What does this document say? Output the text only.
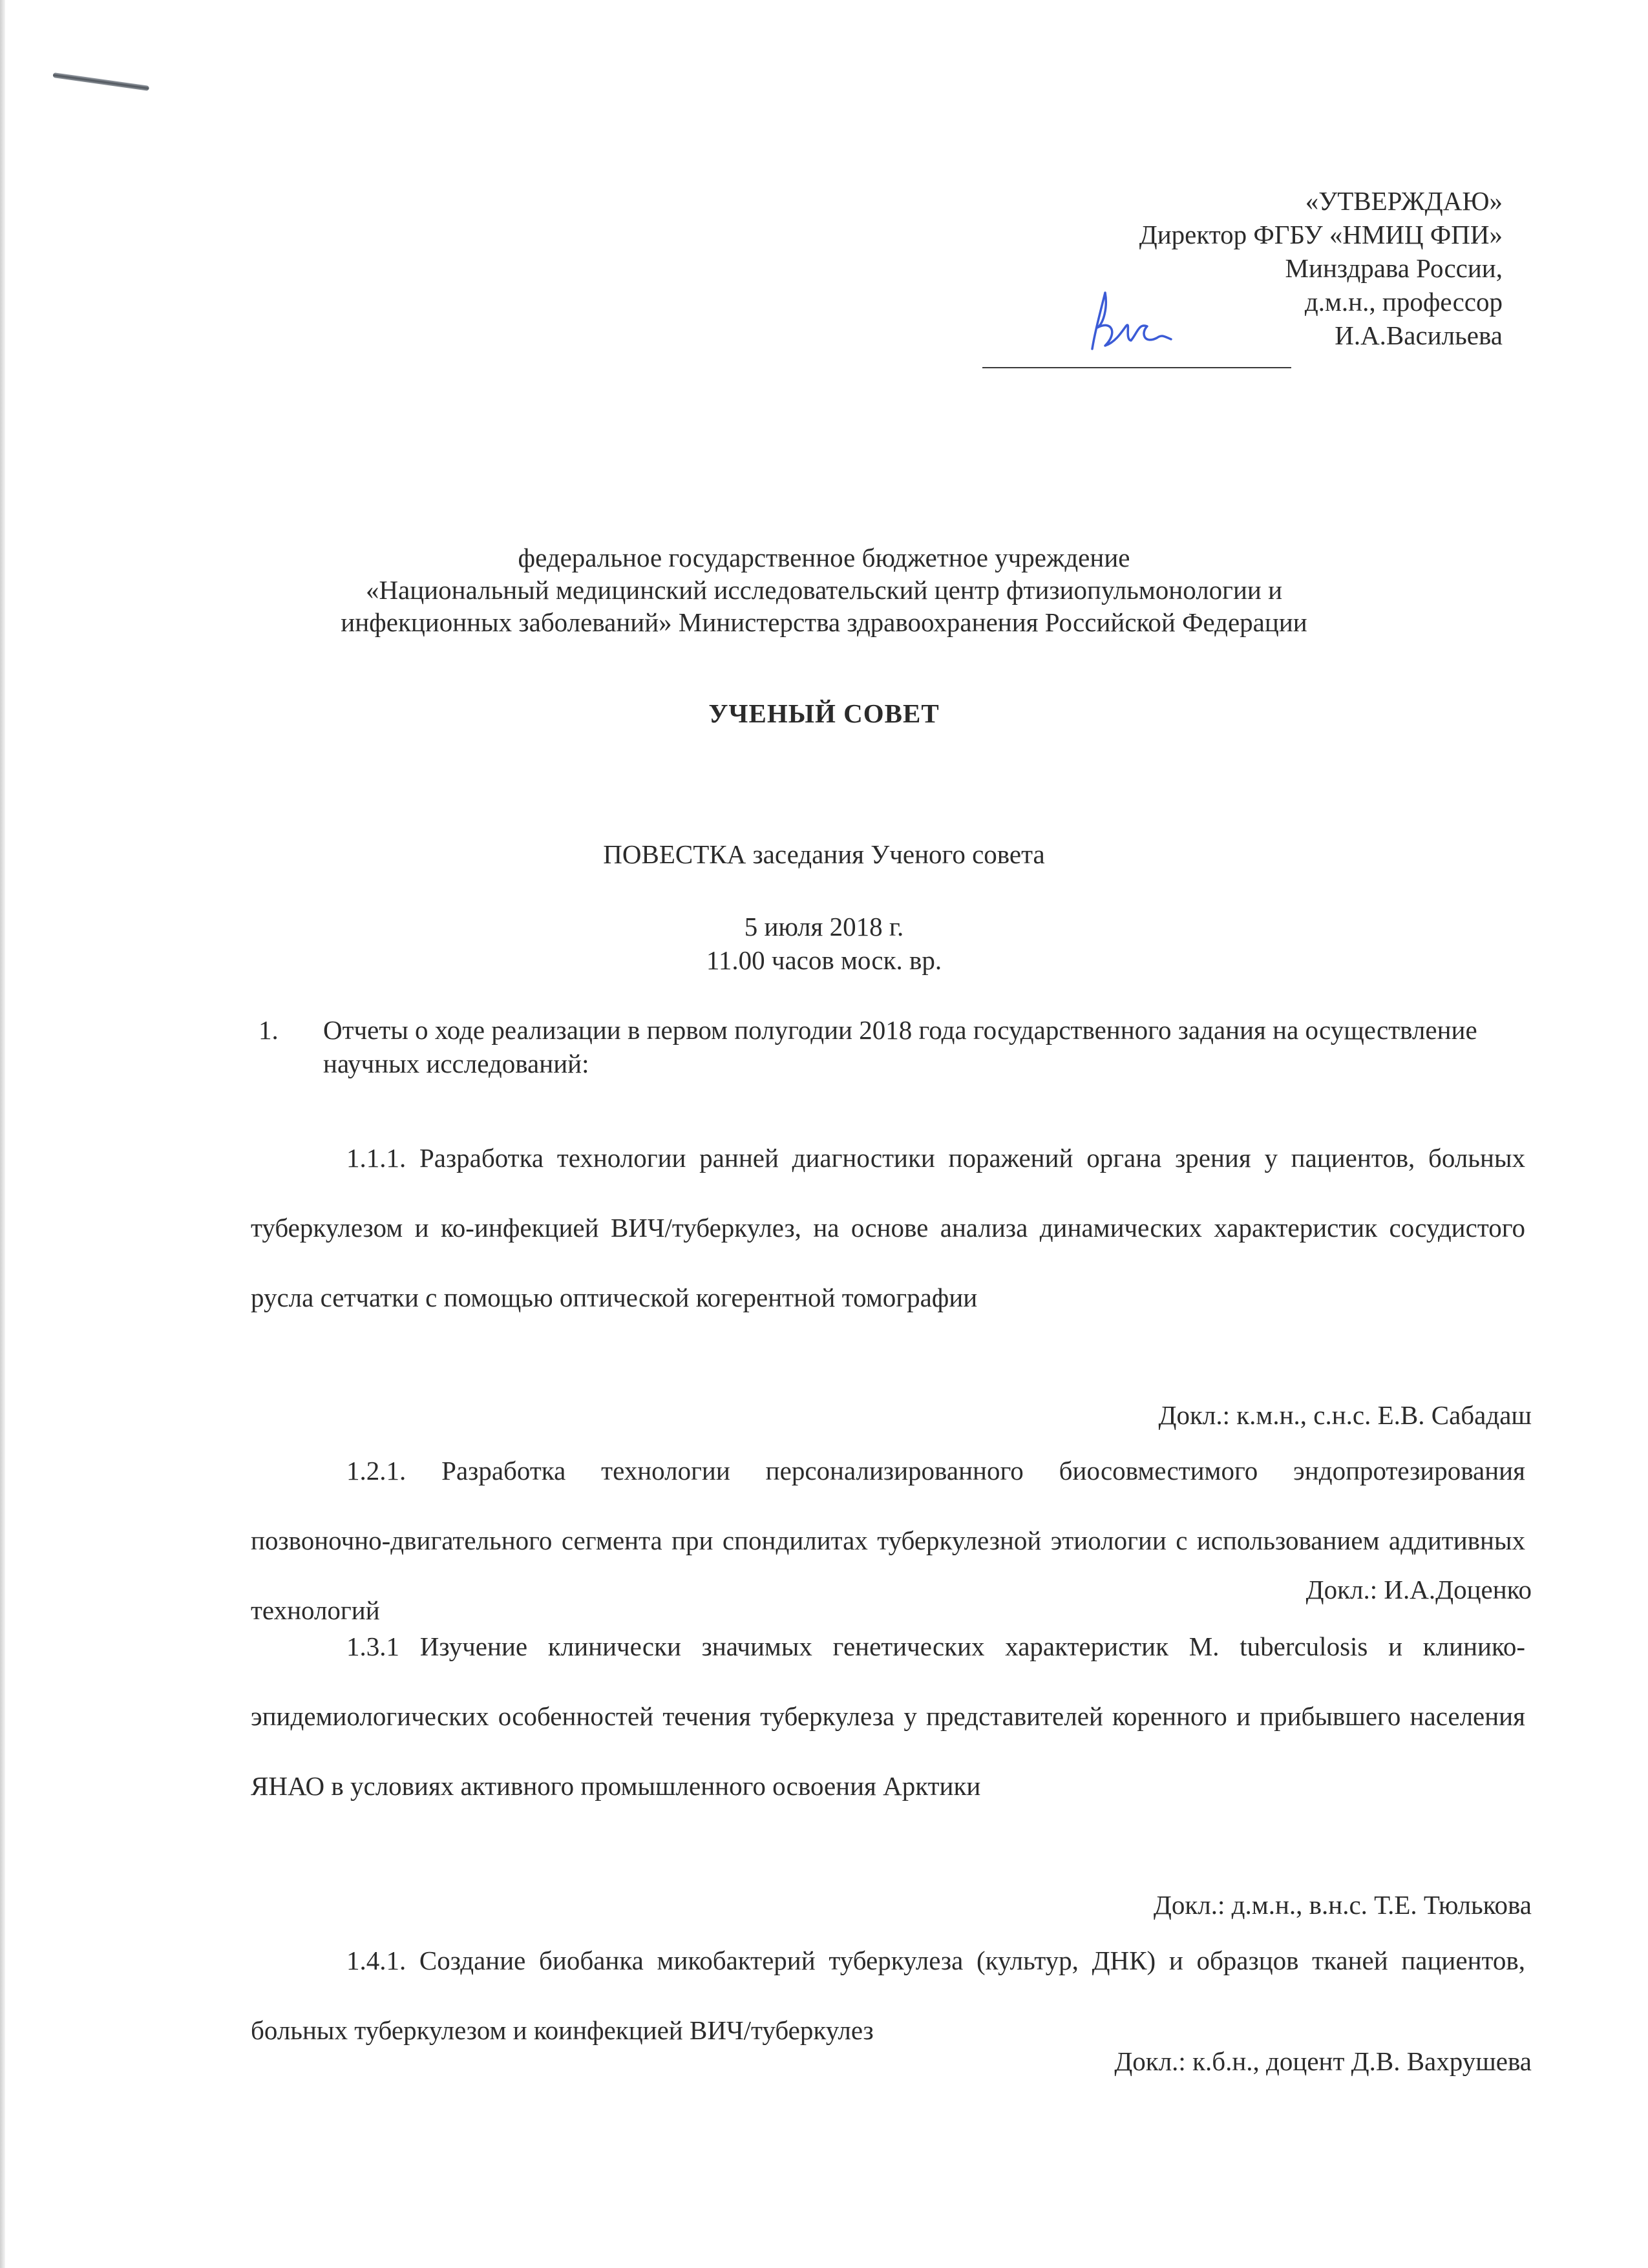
«УТВЕРЖДАЮ»
Директор ФГБУ «НМИЦ ФПИ»
Минздрава России,
д.м.н., профессор
И.А.Васильева
федеральное государственное бюджетное учреждение
«Национальный медицинский исследовательский центр фтизиопульмонологии и
инфекционных заболеваний» Министерства здравоохранения Российской Федерации
УЧЕНЫЙ СОВЕТ
ПОВЕСТКА заседания Ученого совета
5 июля 2018 г.
11.00 часов моск. вр.
1. Отчеты о ходе реализации в первом полугодии 2018 года государственного задания на осуществление научных исследований:
1.1.1. Разработка технологии ранней диагностики поражений органа зрения у пациентов, больных туберкулезом и ко-инфекцией ВИЧ/туберкулез, на основе анализа динамических характеристик сосудистого русла сетчатки с помощью оптической когерентной томографии
Докл.: к.м.н., с.н.с. Е.В. Сабадаш
1.2.1. Разработка технологии персонализированного биосовместимого эндопротезирования позвоночно-двигательного сегмента при спондилитах туберкулезной этиологии с использованием аддитивных технологий
Докл.: И.А.Доценко
1.3.1 Изучение клинически значимых генетических характеристик M. tuberculosis и клинико-эпидемиологических особенностей течения туберкулеза у представителей коренного и прибывшего населения ЯНАО в условиях активного промышленного освоения Арктики
Докл.: д.м.н., в.н.с. Т.Е. Тюлькова
1.4.1. Создание биобанка микобактерий туберкулеза (культур, ДНК) и образцов тканей пациентов, больных туберкулезом и коинфекцией ВИЧ/туберкулез
Докл.: к.б.н., доцент Д.В. Вахрушева
